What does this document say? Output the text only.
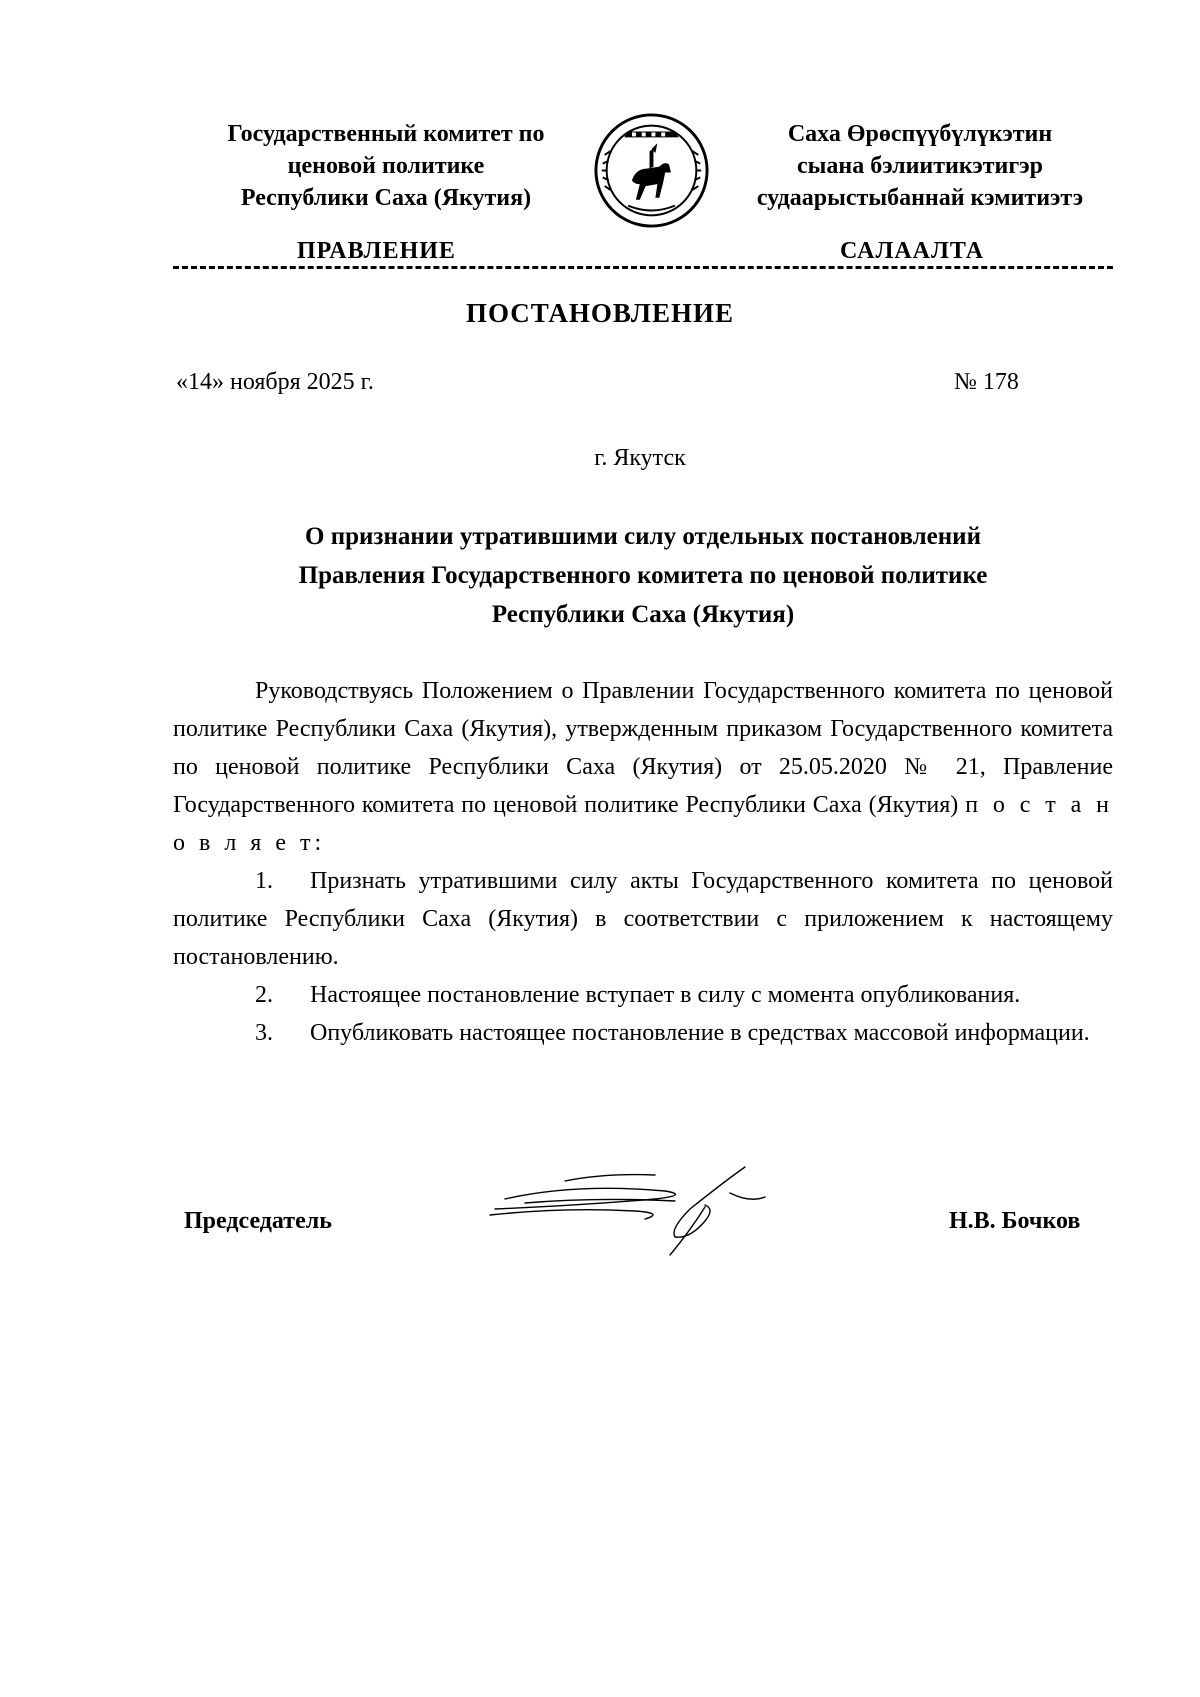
Государственный комитет по
ценовой политике
Республики Саха (Якутия)
Саха Өрөспүүбүлүкэтин
сыана бэлиитикэтигэр
судаарыстыбаннай кэмитиэтэ
ПРАВЛЕНИЕ	САЛААЛТА
ПОСТАНОВЛЕНИЕ
«14» ноября 2025 г.	№ 178
г. Якутск
О признании утратившими силу отдельных постановлений
Правления Государственного комитета по ценовой политике
Республики Саха (Якутия)

Руководствуясь Положением о Правлении Государственного комитета по ценовой политике Республики Саха (Якутия), утвержденным приказом Государственного комитета по ценовой политике Республики Саха (Якутия) от 25.05.2020 № 21, Правление Государственного комитета по ценовой политике Республики Саха (Якутия) п о с т а н о в л я е т:

1. Признать утратившими силу акты Государственного комитета по ценовой политике Республики Саха (Якутия) в соответствии с приложением к настоящему постановлению.

2. Настоящее постановление вступает в силу с момента опубликования.

3. Опубликовать настоящее постановление в средствах массовой информации.

Председатель	Н.В. Бочков
